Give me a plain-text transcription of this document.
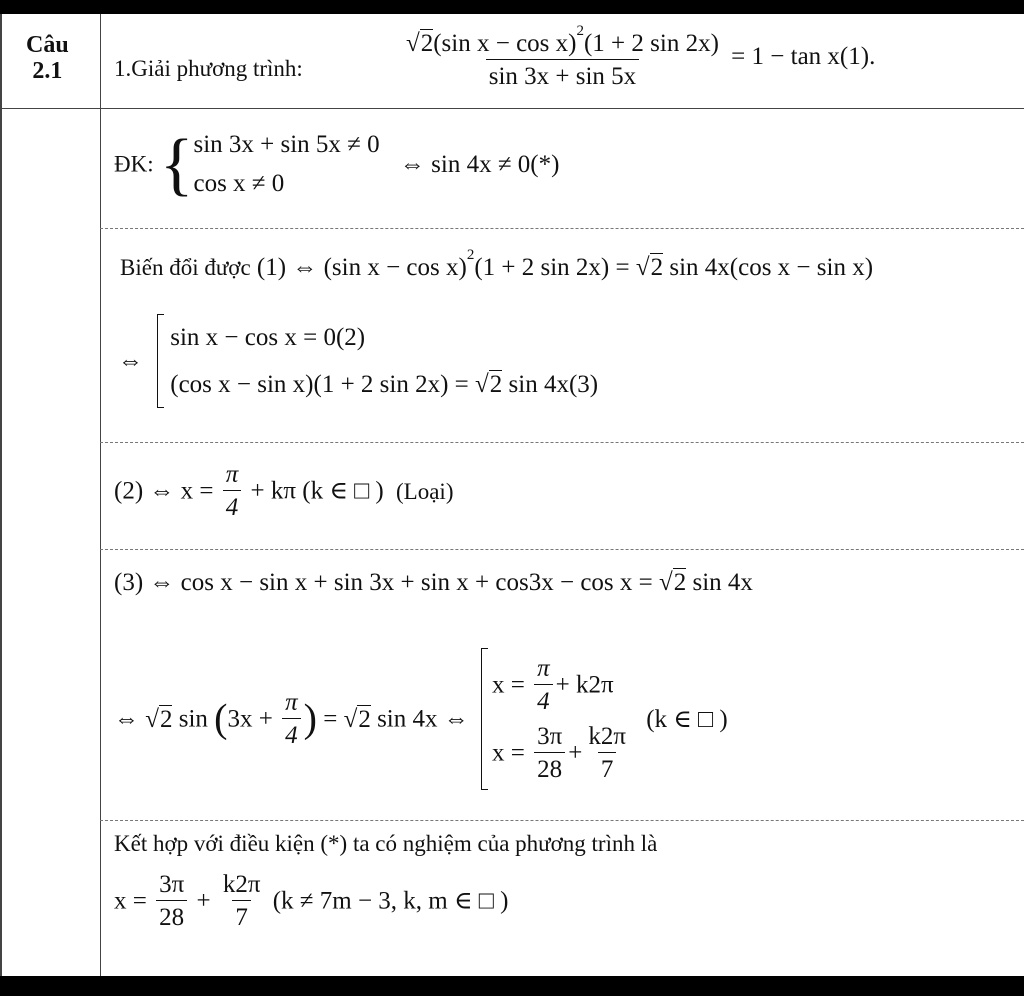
Câu
2.1 1.Giải phương trình:	$\frac{√2(\sin x - \cos x)^2(1 + 2 \sin 2x)}{\sin 3x + \sin 5x} = 1 - \tan x(1)$.
ĐK: { sin 3x + sin 5x ≠ 0
cos x ≠ 0
⇔ sin 4x ≠ 0(*)
Biến đổi được (1) ⇔ (sin x − cos x)$^2$(1 + 2 sin 2x) = √2 sin 4x(cos x − sin x)
⇔
sin x − cos x = 0(2)
(cos x − sin x)(1 + 2 sin 2x) = √2 sin 4x(3)
(2) ⇔ $x = \frac{\pi}{4} + k\pi$ (k ∈ □ ) (Loại)
(3) ⇔ cos x − sin x + sin 3x + sin x + cos3x − cos x = √2 sin 4x
⇔ √2 $\sin (3x + \frac{\pi}{4}$ ) = √2 sin 4x ⇔
$x = \frac{\pi}{4} + k2\pi$
$x = \frac{3\pi}{28} + \frac{k2\pi}{7}$
(k ∈ □ )
Kết hợp với điều kiện (*) ta có nghiệm của phương trình là
$x = \frac{3\pi}{28} + \frac{k2\pi}{7} (k \ne 7m - 3$, k, m ∈ □ )
